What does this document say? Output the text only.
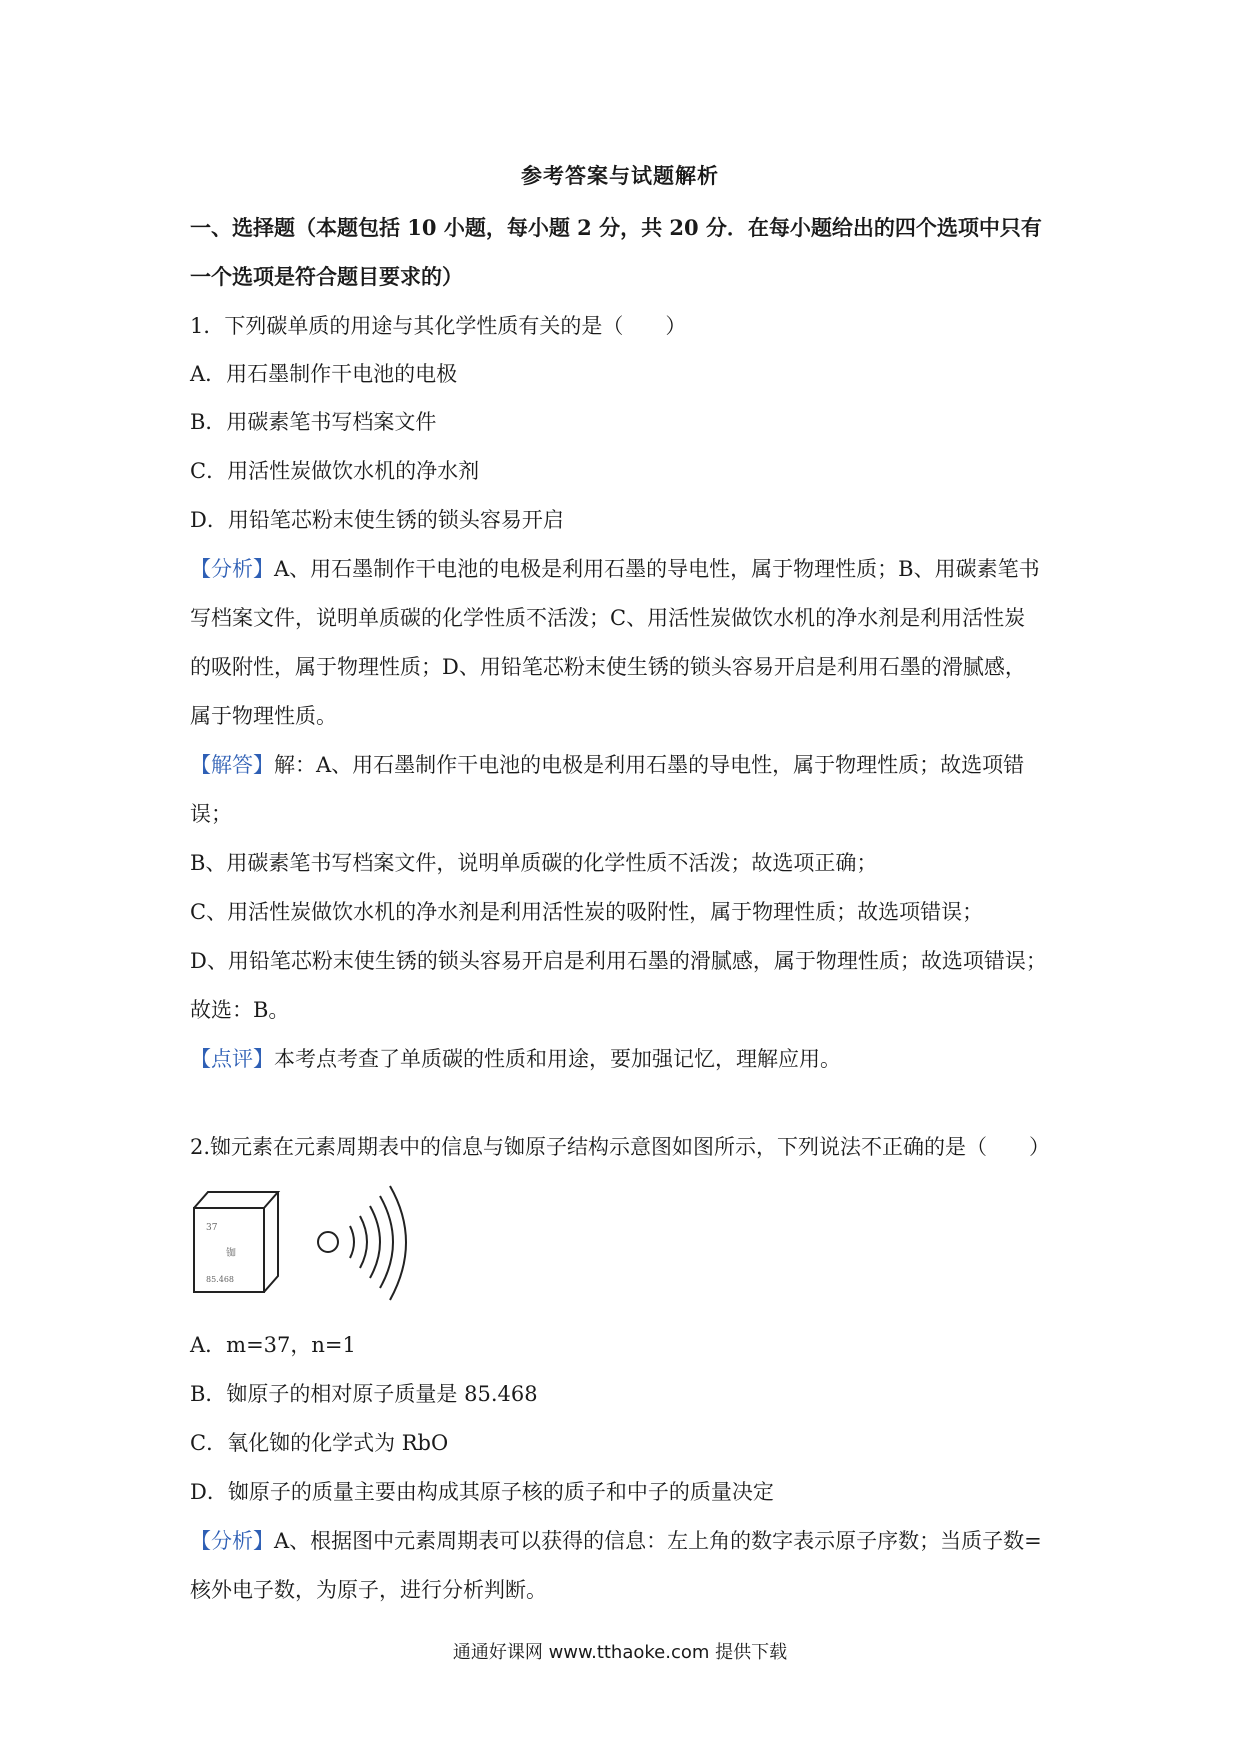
参考答案与试题解析
一、选择题（本题包括 10 小题，每小题 2 分，共 20 分．在每小题给出的四个选项中只有
一个选项是符合题目要求的）
1．下列碳单质的用途与其化学性质有关的是（　　）
A．用石墨制作干电池的电极
B．用碳素笔书写档案文件
C．用活性炭做饮水机的净水剂
D．用铅笔芯粉末使生锈的锁头容易开启
【分析】A、用石墨制作干电池的电极是利用石墨的导电性，属于物理性质；B、用碳素笔书
写档案文件，说明单质碳的化学性质不活泼；C、用活性炭做饮水机的净水剂是利用活性炭
的吸附性，属于物理性质；D、用铅笔芯粉末使生锈的锁头容易开启是利用石墨的滑腻感，
属于物理性质。
【解答】解：A、用石墨制作干电池的电极是利用石墨的导电性，属于物理性质；故选项错
误；
B、用碳素笔书写档案文件，说明单质碳的化学性质不活泼；故选项正确；
C、用活性炭做饮水机的净水剂是利用活性炭的吸附性，属于物理性质；故选项错误；
D、用铅笔芯粉末使生锈的锁头容易开启是利用石墨的滑腻感，属于物理性质；故选项错误；
故选：B。
【点评】本考点考查了单质碳的性质和用途，要加强记忆，理解应用。
2.铷元素在元素周期表中的信息与铷原子结构示意图如图所示，下列说法不正确的是（　　）
37
铷
85.468
A．m=37，n=1
B．铷原子的相对原子质量是 85.468
C．氧化铷的化学式为 RbO
D．铷原子的质量主要由构成其原子核的质子和中子的质量决定
【分析】A、根据图中元素周期表可以获得的信息：左上角的数字表示原子序数；当质子数=
核外电子数，为原子，进行分析判断。
通通好课网 www.tthaoke.com 提供下载
